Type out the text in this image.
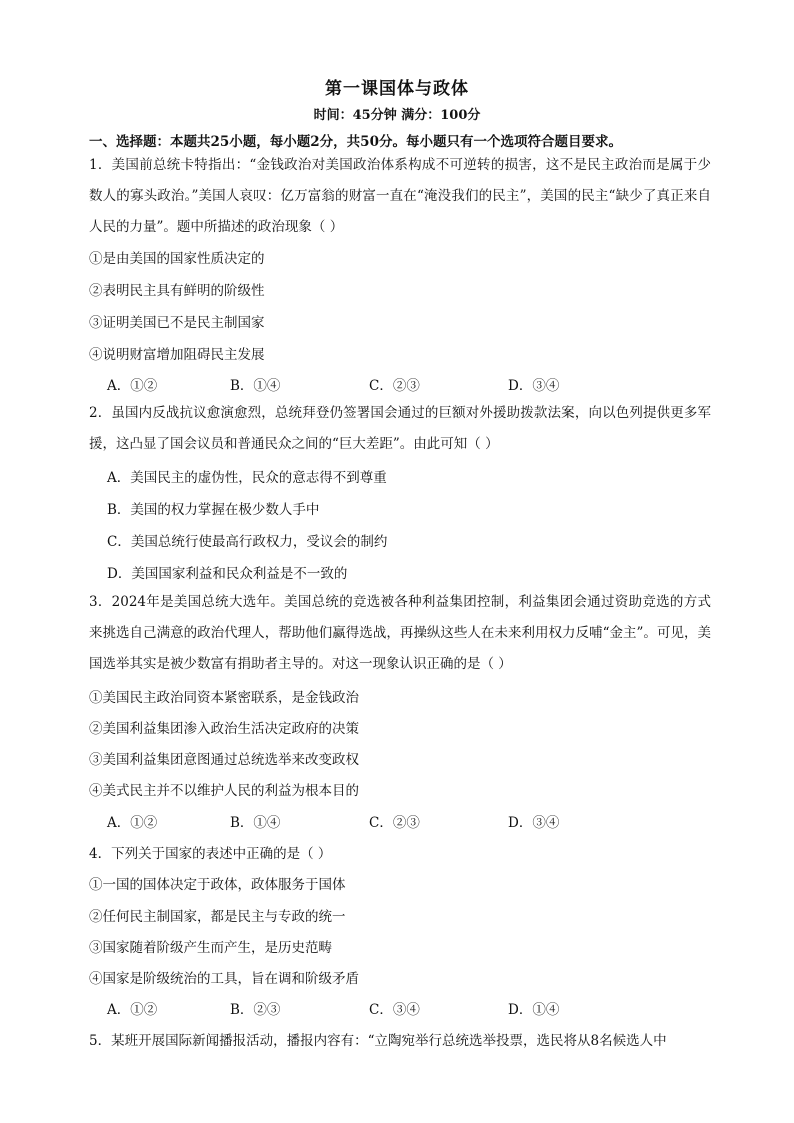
第一课国体与政体
时间：45分钟 满分：100分
一、选择题：本题共25小题，每小题2分，共50分。每小题只有一个选项符合题目要求。
1．美国前总统卡特指出：“金钱政治对美国政治体系构成不可逆转的损害，这不是民主政治而是属于少数人的寡头政治。”美国人哀叹：亿万富翁的财富一直在“淹没我们的民主”，美国的民主“缺少了真正来自人民的力量”。题中所描述的政治现象（ ）
①是由美国的国家性质决定的
②表明民主具有鲜明的阶级性
③证明美国已不是民主制国家
④说明财富增加阻碍民主发展
A．①②	B．①④	C．②③	D．③④
2．虽国内反战抗议愈演愈烈，总统拜登仍签署国会通过的巨额对外援助拨款法案，向以色列提供更多军援，这凸显了国会议员和普通民众之间的“巨大差距”。由此可知（ ）
A．美国民主的虚伪性，民众的意志得不到尊重
B．美国的权力掌握在极少数人手中
C．美国总统行使最高行政权力，受议会的制约
D．美国国家利益和民众利益是不一致的
3．2024年是美国总统大选年。美国总统的竞选被各种利益集团控制，利益集团会通过资助竞选的方式来挑选自己满意的政治代理人，帮助他们赢得选战，再操纵这些人在未来利用权力反哺“金主”。可见，美国选举其实是被少数富有捐助者主导的。对这一现象认识正确的是（ ）
①美国民主政治同资本紧密联系，是金钱政治
②美国利益集团渗入政治生活决定政府的决策
③美国利益集团意图通过总统选举来改变政权
④美式民主并不以维护人民的利益为根本目的
A．①②	B．①④	C．②③	D．③④
4．下列关于国家的表述中正确的是（ ）
①一国的国体决定于政体，政体服务于国体
②任何民主制国家，都是民主与专政的统一
③国家随着阶级产生而产生，是历史范畴
④国家是阶级统治的工具，旨在调和阶级矛盾
A．①②	B．②③	C．③④	D．①④
5．某班开展国际新闻播报活动，播报内容有：“立陶宛举行总统选举投票，选民将从8名候选人中
